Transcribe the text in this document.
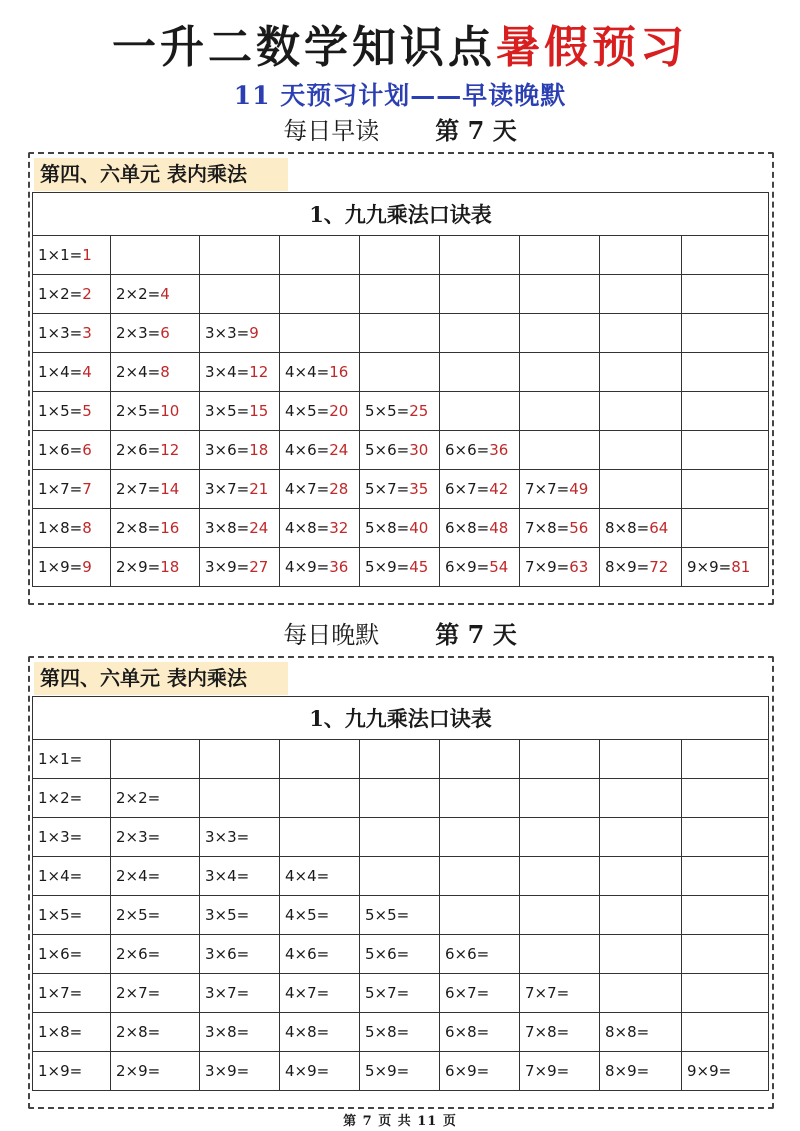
一升二数学知识点暑假预习
11 天预习计划——早读晚默
每日早读 第 7 天
第四、六单元 表内乘法
1、九九乘法口诀表								
1×1=1								
1×2=2	2×2=4							
1×3=3	2×3=6	3×3=9						
1×4=4	2×4=8	3×4=12	4×4=16					
1×5=5	2×5=10	3×5=15	4×5=20	5×5=25				
1×6=6	2×6=12	3×6=18	4×6=24	5×6=30	6×6=36			
1×7=7	2×7=14	3×7=21	4×7=28	5×7=35	6×7=42	7×7=49		
1×8=8	2×8=16	3×8=24	4×8=32	5×8=40	6×8=48	7×8=56	8×8=64	
1×9=9	2×9=18	3×9=27	4×9=36	5×9=45	6×9=54	7×9=63	8×9=72	9×9=81
每日晚默 第 7 天
第四、六单元 表内乘法
1、九九乘法口诀表								
1×1=								
1×2=	2×2=							
1×3=	2×3=	3×3=						
1×4=	2×4=	3×4=	4×4=					
1×5=	2×5=	3×5=	4×5=	5×5=				
1×6=	2×6=	3×6=	4×6=	5×6=	6×6=			
1×7=	2×7=	3×7=	4×7=	5×7=	6×7=	7×7=		
1×8=	2×8=	3×8=	4×8=	5×8=	6×8=	7×8=	8×8=	
1×9=	2×9=	3×9=	4×9=	5×9=	6×9=	7×9=	8×9=	9×9=
第 7 页 共 11 页
